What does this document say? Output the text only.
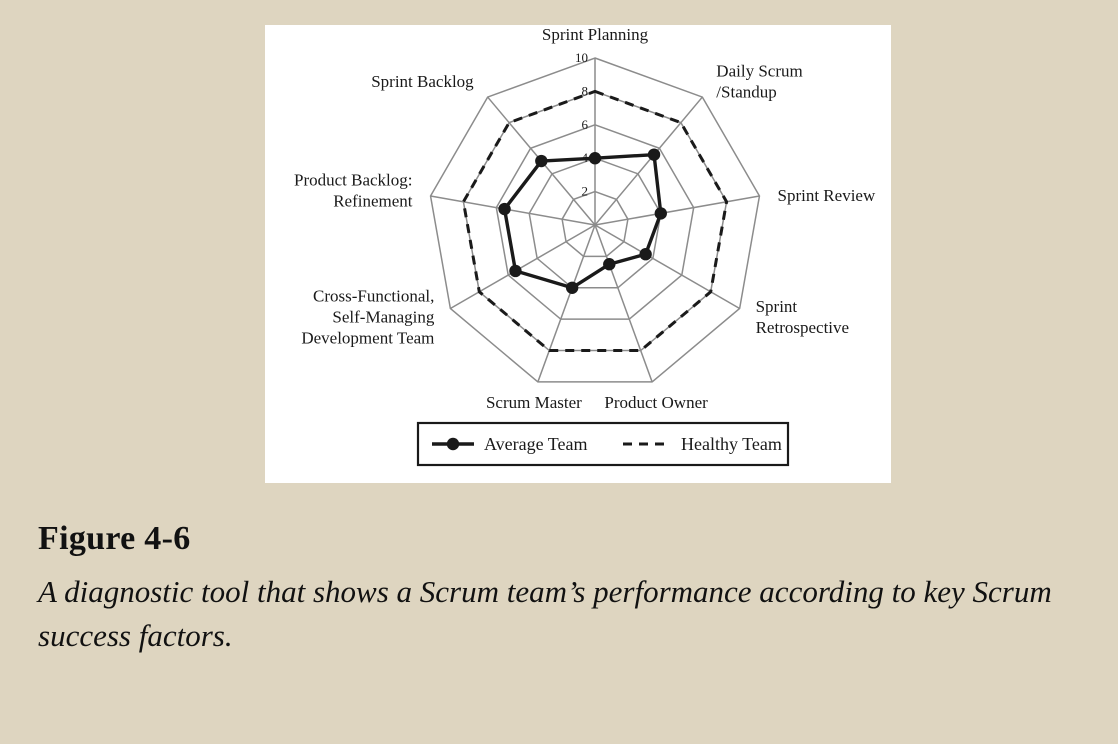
2
4
6
8
10
Sprint Planning
Daily Scrum /Standup
Sprint Review
Sprint Retrospective
Product Owner
Scrum Master
Cross-Functional, Self-Managing Development Team
Product Backlog: Refinement
Sprint Backlog
Average Team	Healthy Team
Figure 4-6
A diagnostic tool that shows a Scrum team’s performance according to key Scrum success factors.
